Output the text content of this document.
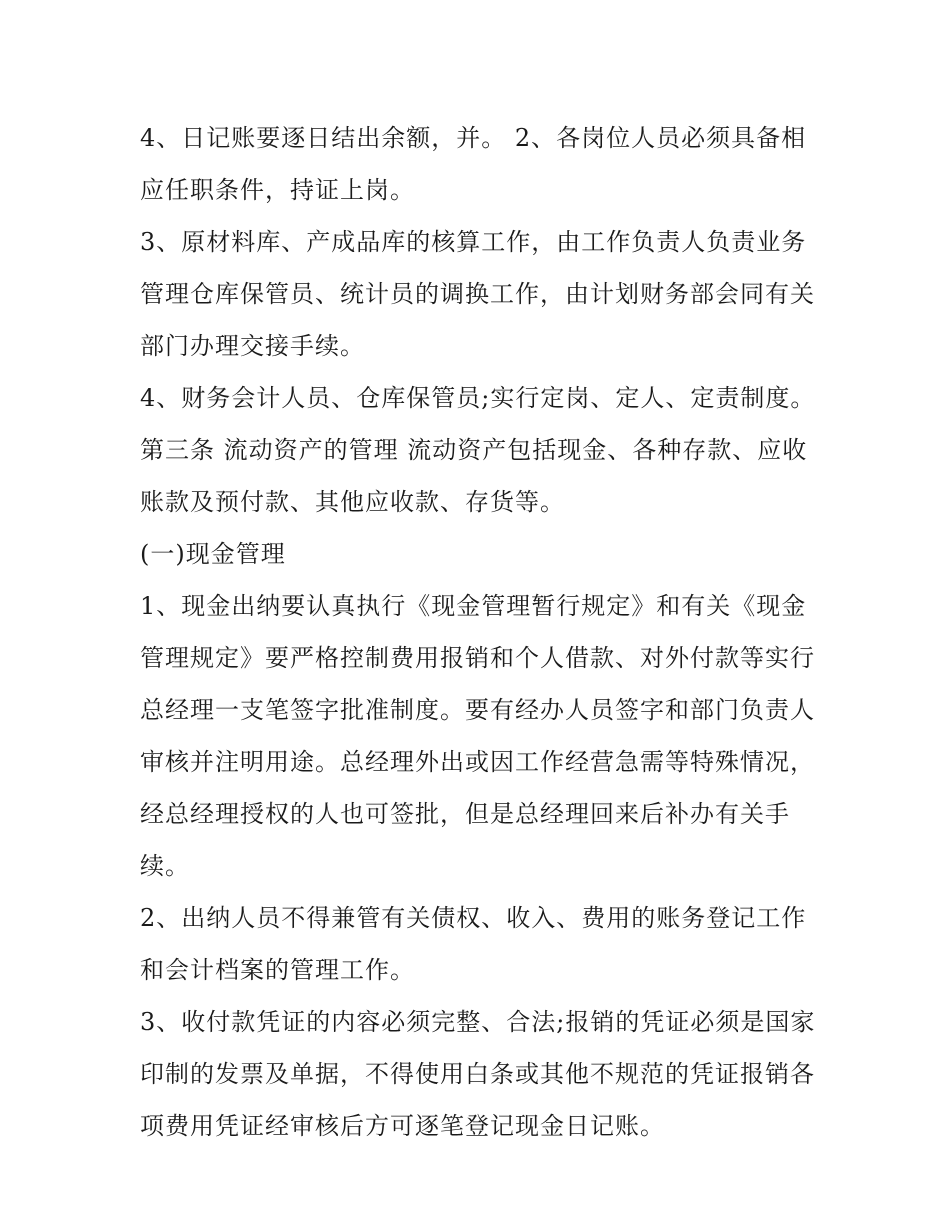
4、日记账要逐日结出余额，并。 2、各岗位人员必须具备相
应任职条件，持证上岗。
3、原材料库、产成品库的核算工作，由工作负责人负责业务
管理仓库保管员、统计员的调换工作，由计划财务部会同有关
部门办理交接手续。
4、财务会计人员、仓库保管员;实行定岗、定人、定责制度。
第三条 流动资产的管理 流动资产包括现金、各种存款、应收
账款及预付款、其他应收款、存货等。
(一)现金管理
1、现金出纳要认真执行《现金管理暂行规定》和有关《现金
管理规定》要严格控制费用报销和个人借款、对外付款等实行
总经理一支笔签字批准制度。要有经办人员签字和部门负责人
审核并注明用途。总经理外出或因工作经营急需等特殊情况，
经总经理授权的人也可签批，但是总经理回来后补办有关手
续。
2、出纳人员不得兼管有关债权、收入、费用的账务登记工作
和会计档案的管理工作。
3、收付款凭证的内容必须完整、合法;报销的凭证必须是国家
印制的发票及单据，不得使用白条或其他不规范的凭证报销各
项费用凭证经审核后方可逐笔登记现金日记账。
